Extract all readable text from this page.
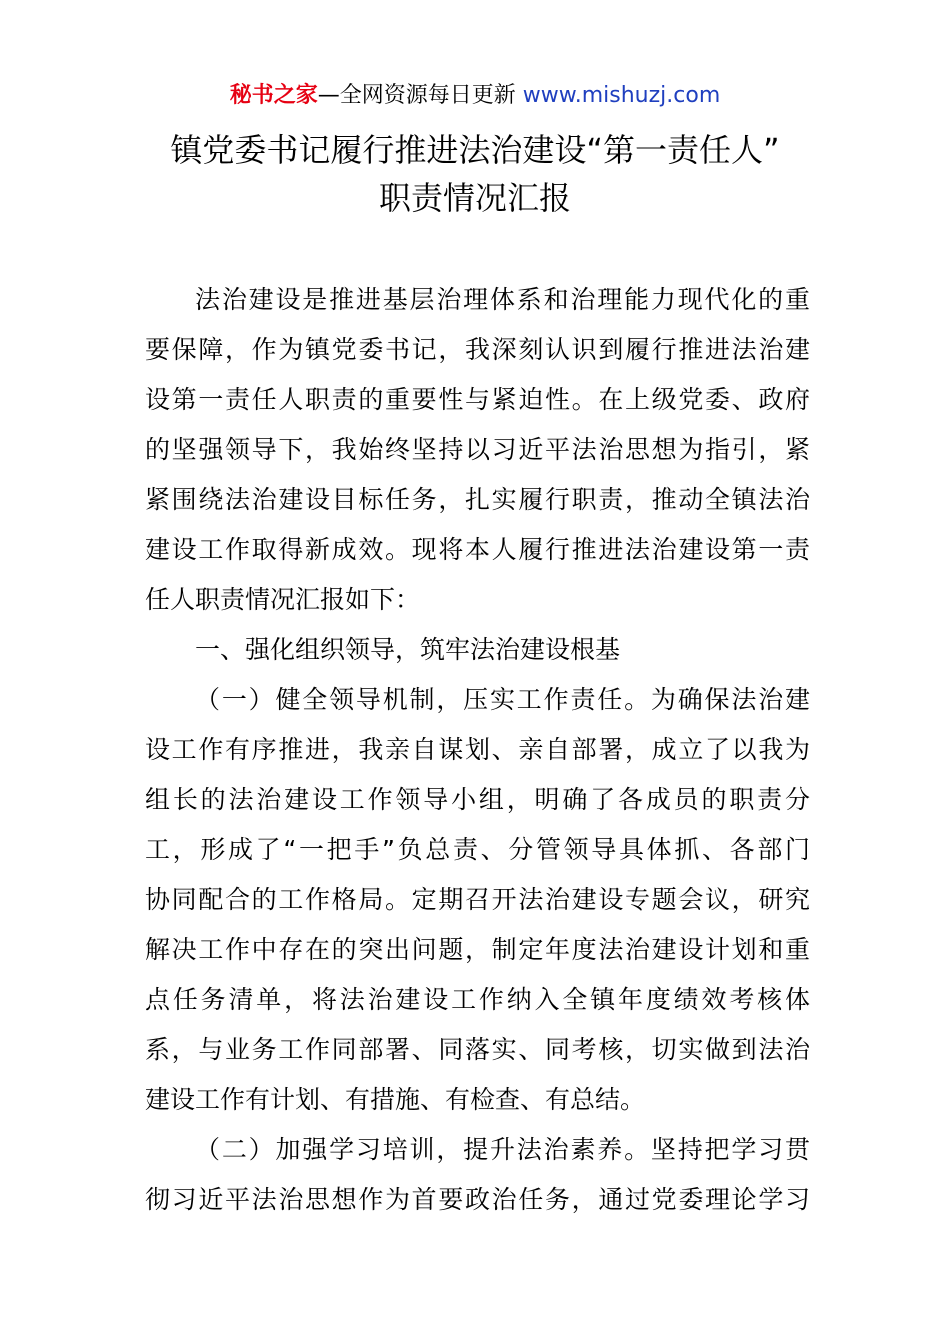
秘书之家—全网资源每日更新 www.mishuzj.com
镇党委书记履行推进法治建设“第一责任人”
职责情况汇报
法治建设是推进基层治理体系和治理能力现代化的重
要保障，作为镇党委书记，我深刻认识到履行推进法治建
设第一责任人职责的重要性与紧迫性。在上级党委、政府
的坚强领导下，我始终坚持以习近平法治思想为指引，紧
紧围绕法治建设目标任务，扎实履行职责，推动全镇法治
建设工作取得新成效。现将本人履行推进法治建设第一责
任人职责情况汇报如下：
一、强化组织领导，筑牢法治建设根基
（一）健全领导机制，压实工作责任。为确保法治建
设工作有序推进，我亲自谋划、亲自部署，成立了以我为
组长的法治建设工作领导小组，明确了各成员的职责分
工，形成了“一把手”负总责、分管领导具体抓、各部门
协同配合的工作格局。定期召开法治建设专题会议，研究
解决工作中存在的突出问题，制定年度法治建设计划和重
点任务清单，将法治建设工作纳入全镇年度绩效考核体
系，与业务工作同部署、同落实、同考核，切实做到法治
建设工作有计划、有措施、有检查、有总结。
（二）加强学习培训，提升法治素养。坚持把学习贯
彻习近平法治思想作为首要政治任务，通过党委理论学习
